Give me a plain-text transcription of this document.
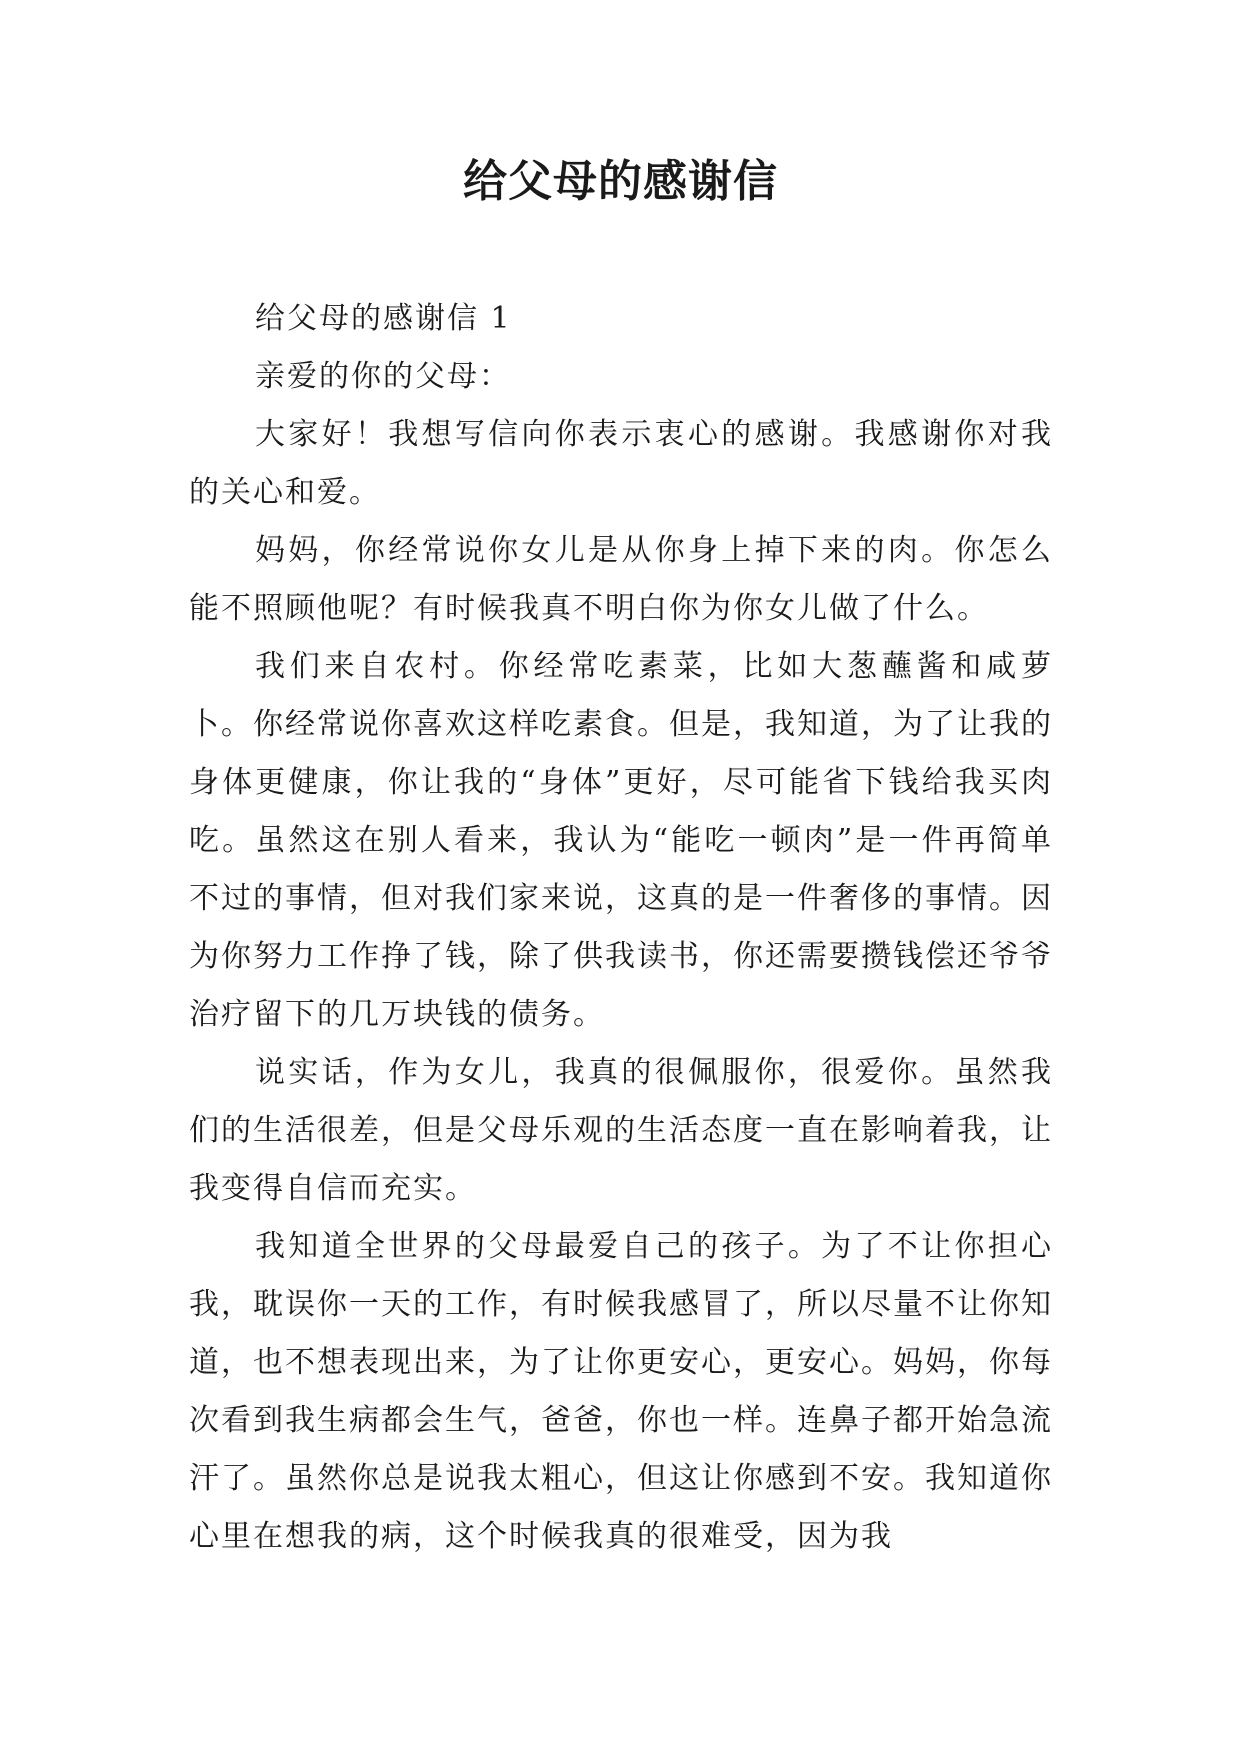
给父母的感谢信

给父母的感谢信 1

亲爱的你的父母：

大家好！我想写信向你表示衷心的感谢。我感谢你对我的关心和爱。

妈妈，你经常说你女儿是从你身上掉下来的肉。你怎么能不照顾他呢？有时候我真不明白你为你女儿做了什么。

我们来自农村。你经常吃素菜，比如大葱蘸酱和咸萝卜。你经常说你喜欢这样吃素食。但是，我知道，为了让我的身体更健康，你让我的“身体”更好，尽可能省下钱给我买肉吃。虽然这在别人看来，我认为“能吃一顿肉”是一件再简单不过的事情，但对我们家来说，这真的是一件奢侈的事情。因为你努力工作挣了钱，除了供我读书，你还需要攒钱偿还爷爷治疗留下的几万块钱的债务。

说实话，作为女儿，我真的很佩服你，很爱你。虽然我们的生活很差，但是父母乐观的生活态度一直在影响着我，让我变得自信而充实。

我知道全世界的父母最爱自己的孩子。为了不让你担心我，耽误你一天的工作，有时候我感冒了，所以尽量不让你知道，也不想表现出来，为了让你更安心，更安心。妈妈，你每次看到我生病都会生气，爸爸，你也一样。连鼻子都开始急流汗了。虽然你总是说我太粗心，但这让你感到不安。我知道你心里在想我的病，这个时候我真的很难受，因为我
